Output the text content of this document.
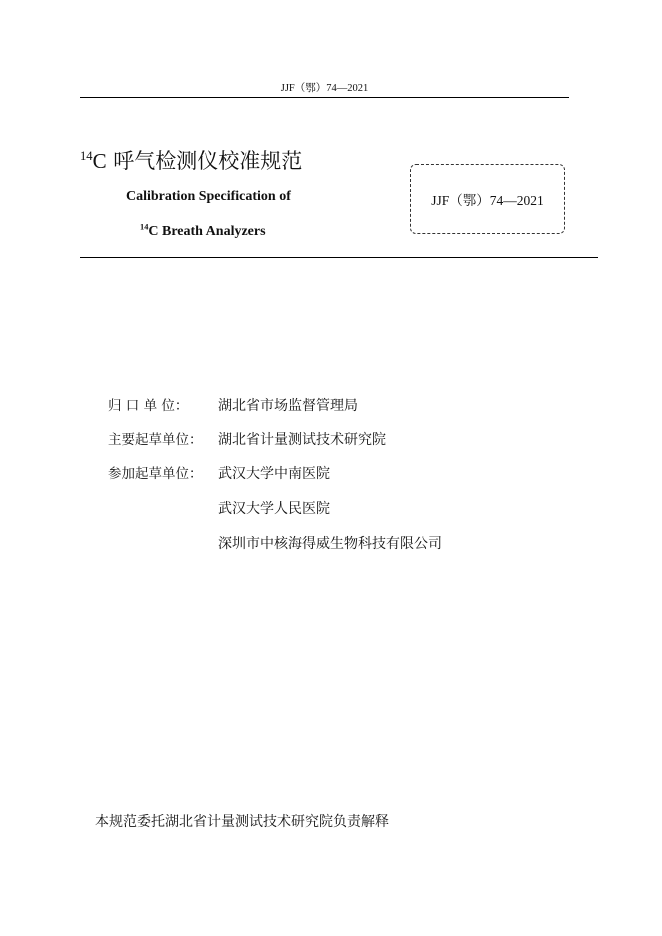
JJF（鄂）74—2021
$^{14}$C 呼气检测仪校准规范
Calibration Specification of
$^{14}$C Breath Analyzers
JJF（鄂）74—2021
归 口 单 位：	湖北省市场监督管理局
主要起草单位：	湖北省计量测试技术研究院
参加起草单位：	武汉大学中南医院
武汉大学人民医院
深圳市中核海得威生物科技有限公司
本规范委托湖北省计量测试技术研究院负责解释
